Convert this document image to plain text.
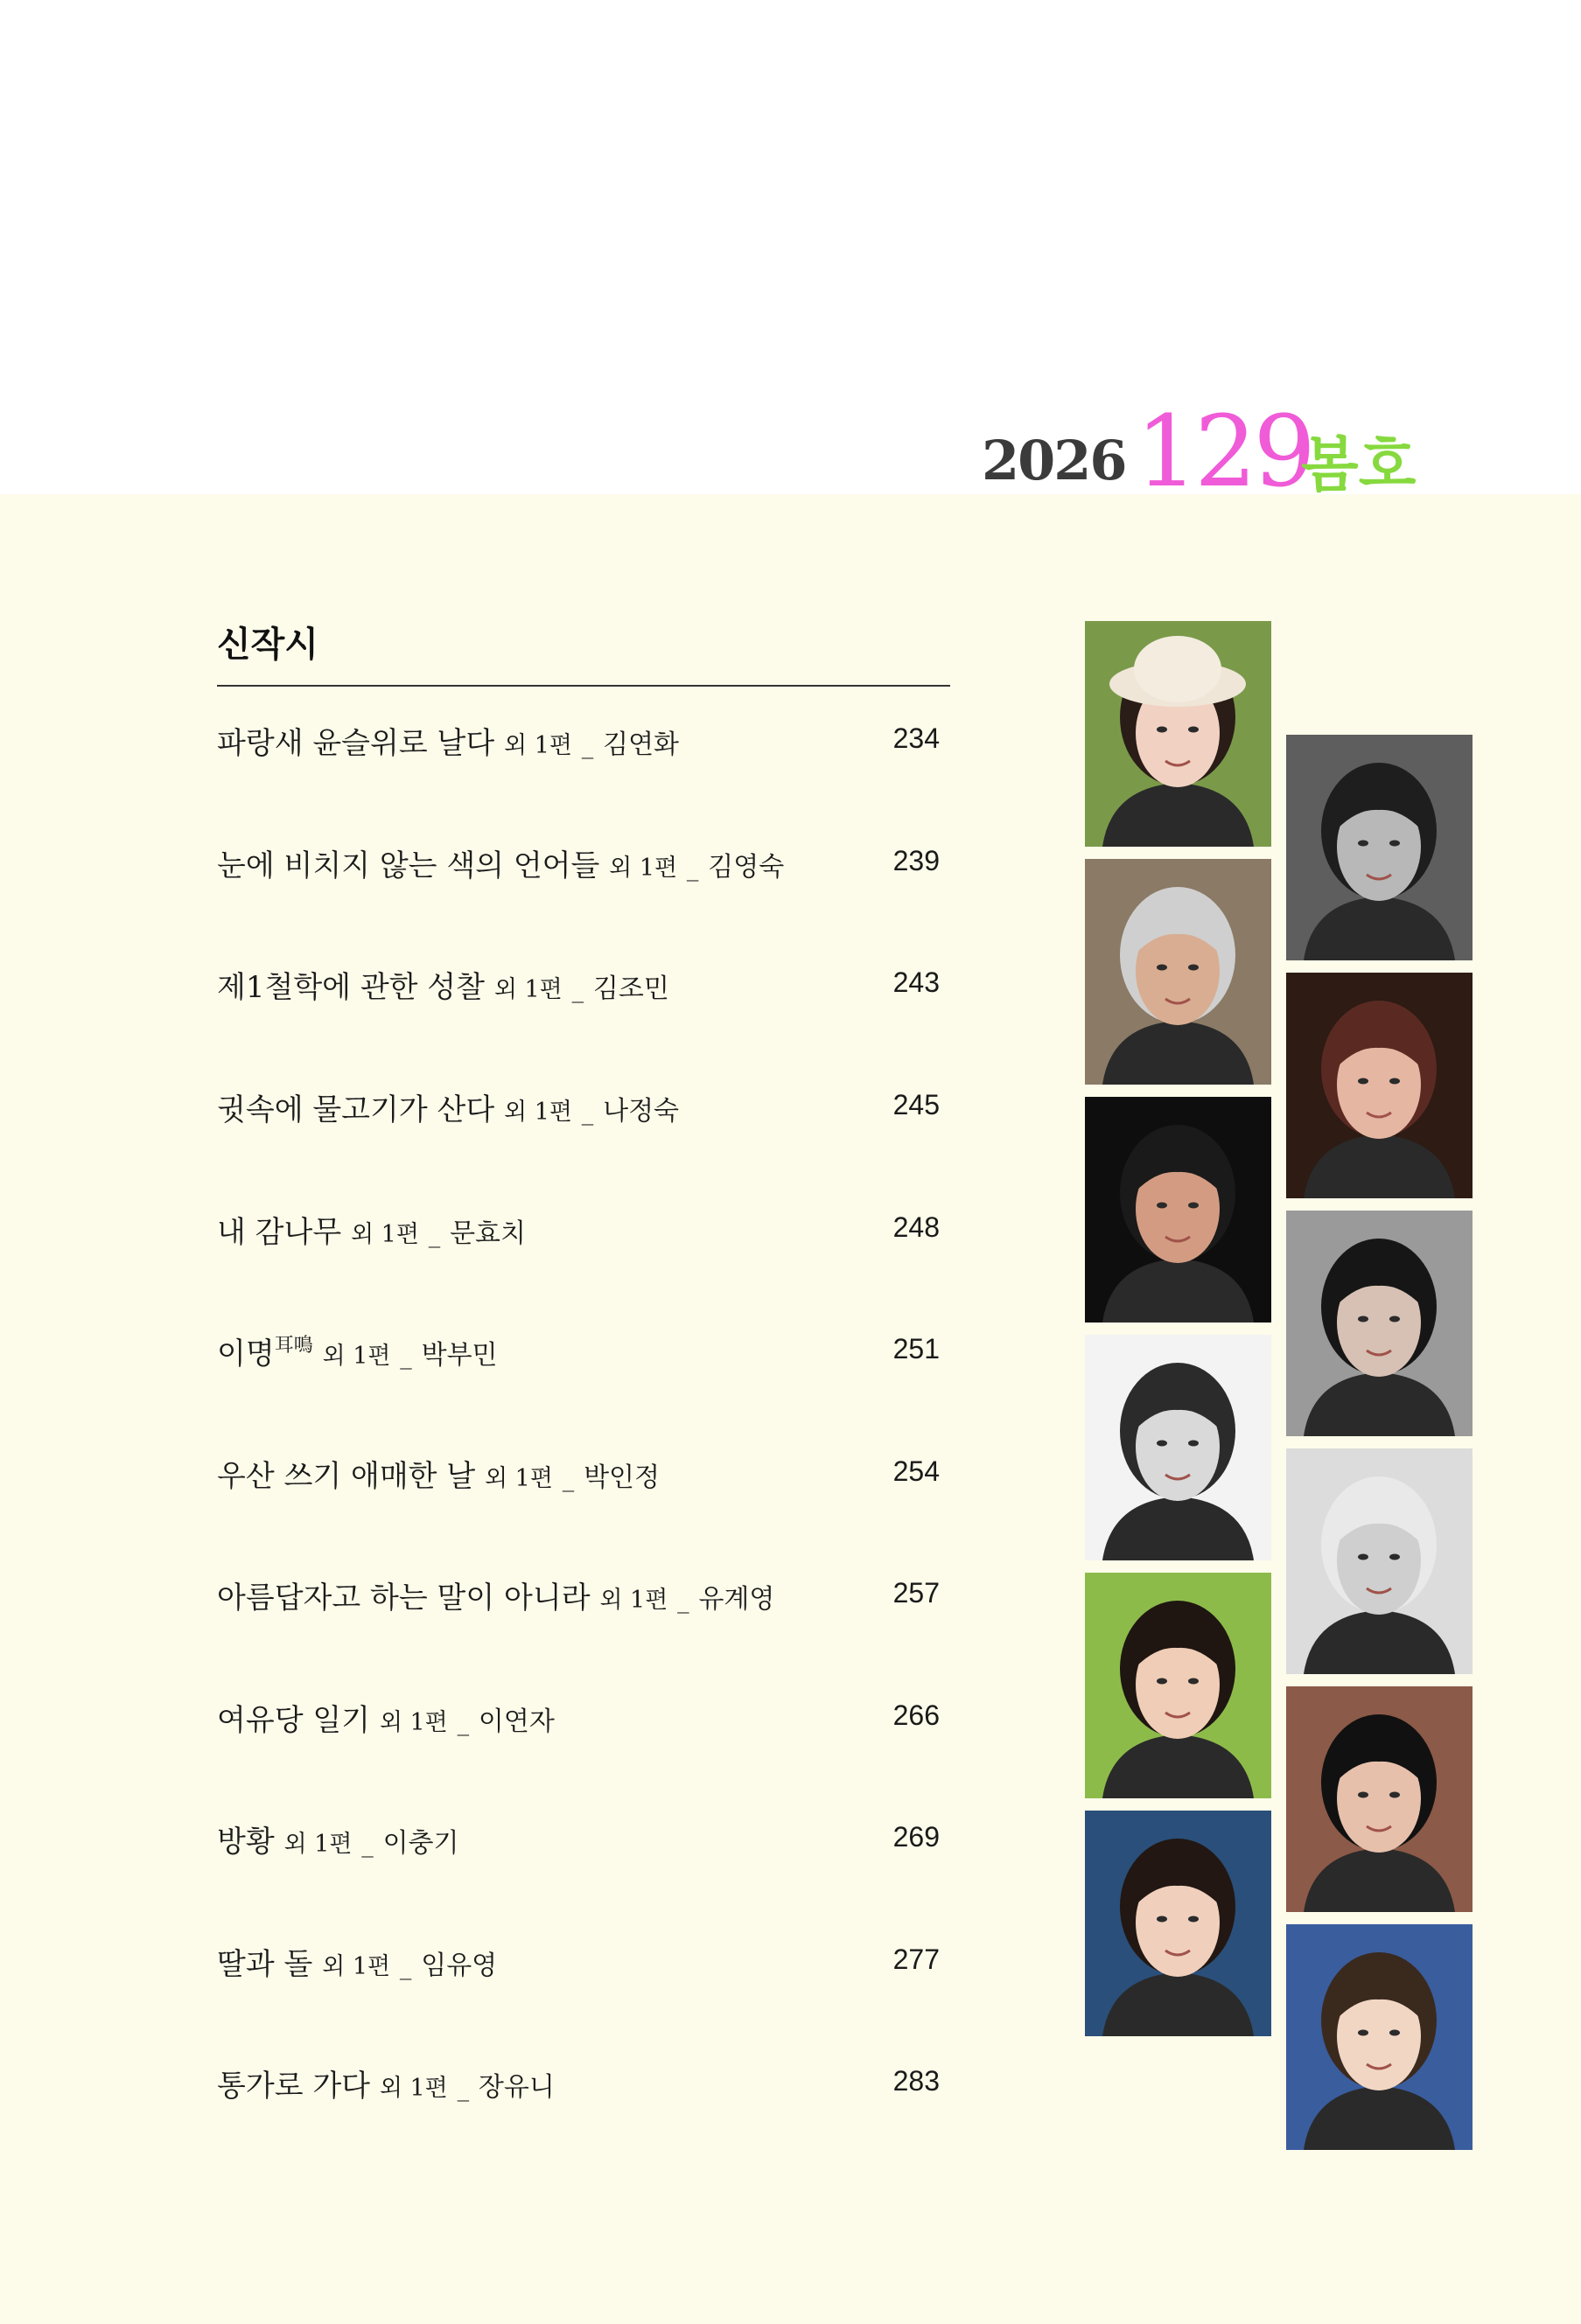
2026 129
봄호
신작시
파랑새 윤슬위로 날다 외 1편 _ 김연화	234
눈에 비치지 않는 색의 언어들 외 1편 _ 김영숙	239
제1철학에 관한 성찰 외 1편 _ 김조민	243
귓속에 물고기가 산다 외 1편 _ 나정숙	245
내 감나무 외 1편 _ 문효치	248
이명$^{耳鳴}$ 외 1편 _ 박부민	251
우산 쓰기 애매한 날 외 1편 _ 박인정	254
아름답자고 하는 말이 아니라 외 1편 _ 유계영	257
여유당 일기 외 1편 _ 이연자	266
방황 외 1편 _ 이충기	269
딸과 돌 외 1편 _ 임유영	277
통가로 가다 외 1편 _ 장유니	283
